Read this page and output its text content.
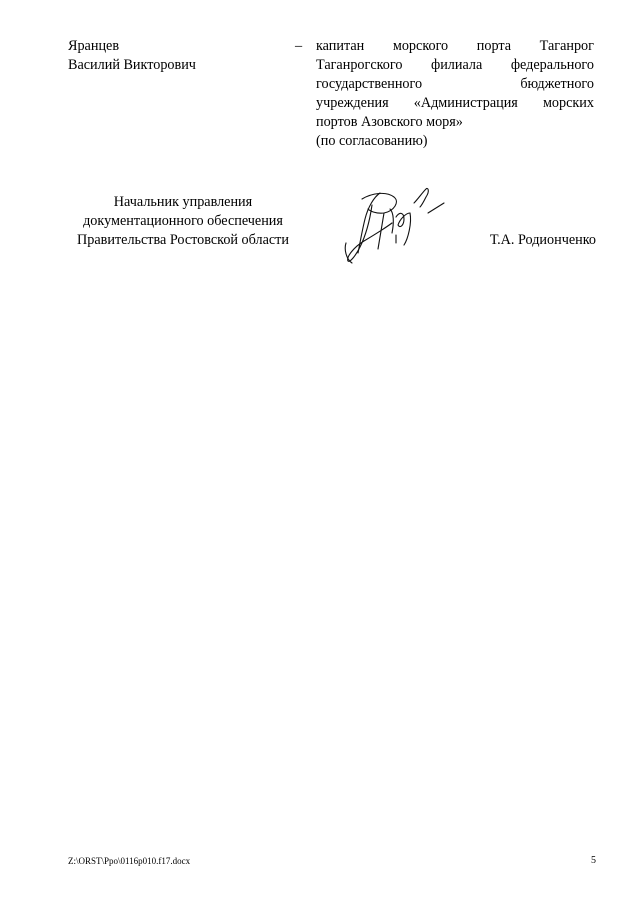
Яранцев
Василий Викторович
– капитан морского порта Таганрог
Таганрогского филиала федерального
государственного	бюджетного
учреждения «Администрация морских
портов Азовского моря»
(по согласованию)
Начальник управления
документационного обеспечения
Правительства Ростовской области	Т.А. Родионченко
Z:\ORST\Ppo\0116p010.f17.docx	5
